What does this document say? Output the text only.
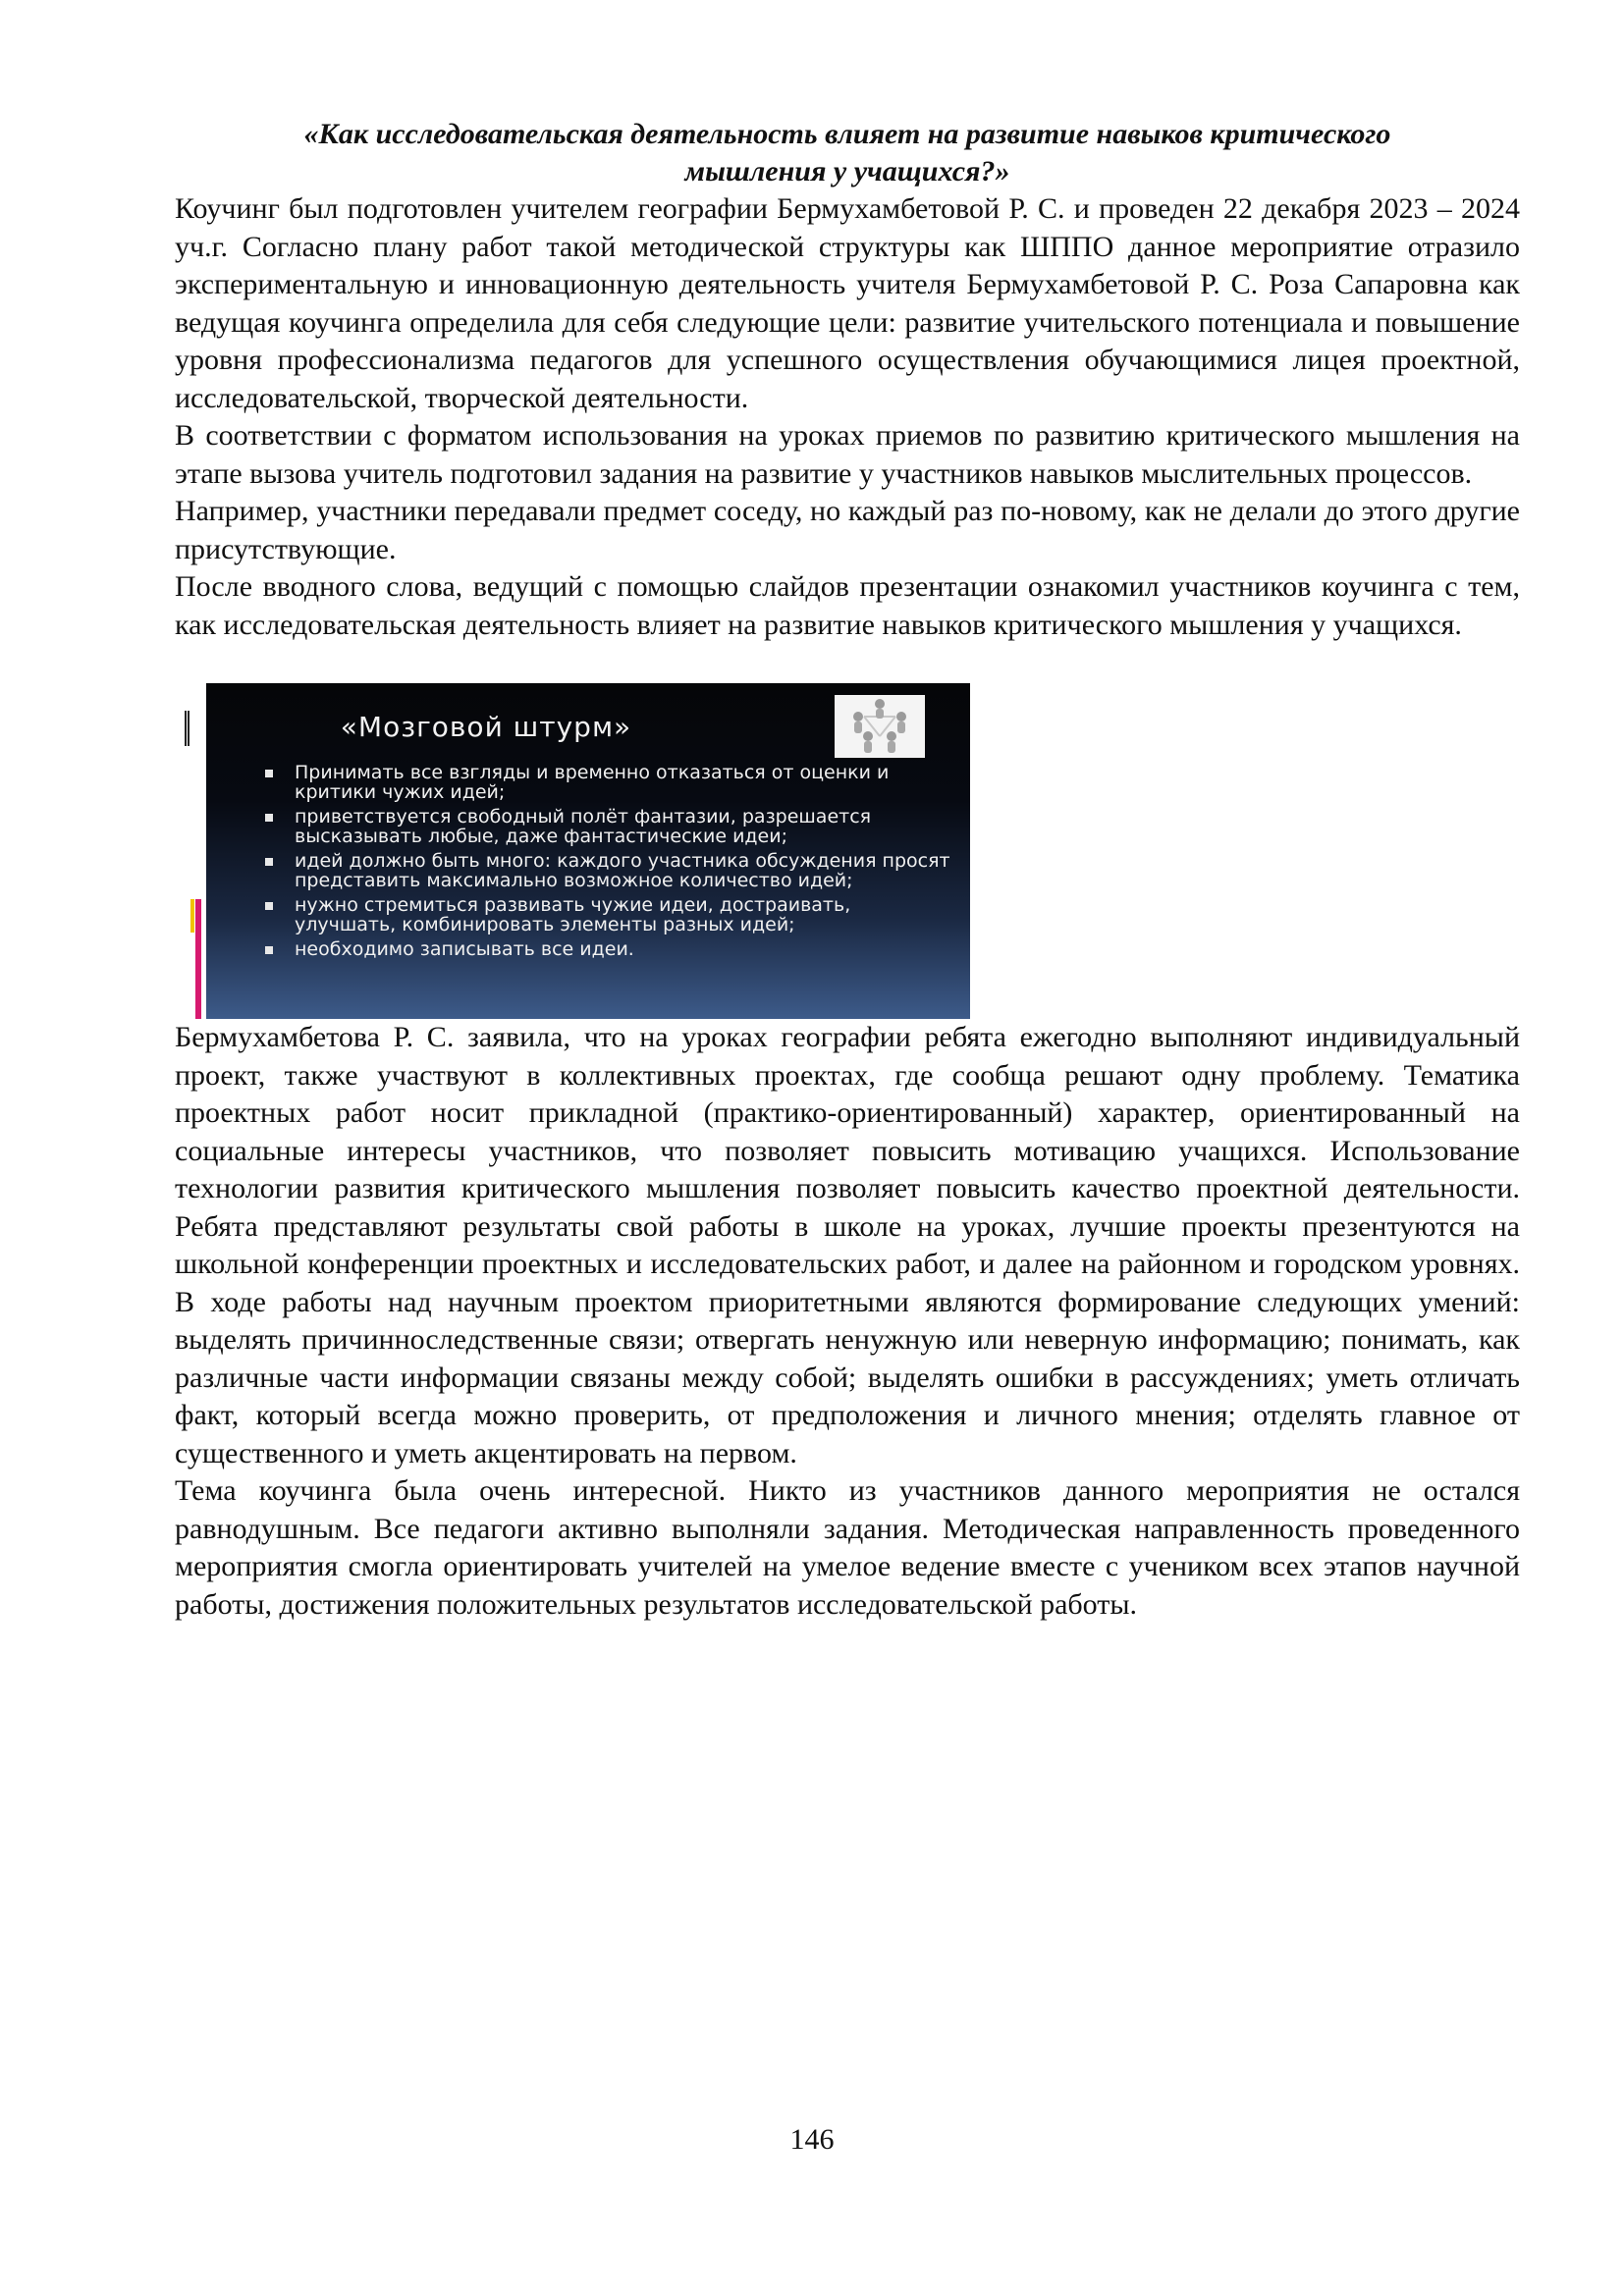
«Как исследовательская деятельность влияет на развитие навыков критического
мышления у учащихся?»

Коучинг был подготовлен учителем географии Бермухамбетовой Р. С. и проведен 22 декабря 2023 – 2024 уч.г. Согласно плану работ такой методической структуры как ШППО данное мероприятие отразило экспериментальную и инновационную деятельность учителя Бермухамбетовой Р. С. Роза Сапаровна как ведущая коучинга определила для себя следующие цели: развитие учительского потенциала и повышение уровня профессионализма педагогов для успешного осуществления обучающимися лицея проектной, исследовательской, творческой деятельности.

В соответствии с форматом использования на уроках приемов по развитию критического мышления на этапе вызова учитель подготовил задания на развитие у участников навыков мыслительных процессов.

Например, участники передавали предмет соседу, но каждый раз по-новому, как не делали до этого другие присутствующие.

После вводного слова, ведущий с помощью слайдов презентации ознакомил участников коучинга с тем, как исследовательская деятельность влияет на развитие навыков критического мышления у учащихся.

«Мозговой штурм»
Принимать все взгляды и временно отказаться от оценки и критики чужих идей;
приветствуется свободный полёт фантазии, разрешается высказывать любые, даже фантастические идеи;
идей должно быть много: каждого участника обсуждения просят представить максимально возможное количество идей;
нужно стремиться развивать чужие идеи, достраивать, улучшать, комбинировать элементы разных идей;
необходимо записывать все идеи.

Бермухамбетова Р. С. заявила, что на уроках географии ребята ежегодно выполняют индивидуальный проект, также участвуют в коллективных проектах, где сообща решают одну проблему. Тематика проектных работ носит прикладной (практико-ориентированный) характер, ориентированный на социальные интересы участников, что позволяет повысить мотивацию учащихся. Использование технологии развития критического мышления позволяет повысить качество проектной деятельности. Ребята представляют результаты свой работы в школе на уроках, лучшие проекты презентуются на школьной конференции проектных и исследовательских работ, и далее на районном и городском уровнях. В ходе работы над научным проектом приоритетными являются формирование следующих умений: выделять причинноследственные связи; отвергать ненужную или неверную информацию; понимать, как различные части информации связаны между собой; выделять ошибки в рассуждениях; уметь отличать факт, который всегда можно проверить, от предположения и личного мнения; отделять главное от существенного и уметь акцентировать на первом.

Тема коучинга была очень интересной. Никто из участников данного мероприятия не остался равнодушным. Все педагоги активно выполняли задания. Методическая направленность проведенного мероприятия смогла ориентировать учителей на умелое ведение вместе с учеником всех этапов научной работы, достижения положительных результатов исследовательской работы.

146
